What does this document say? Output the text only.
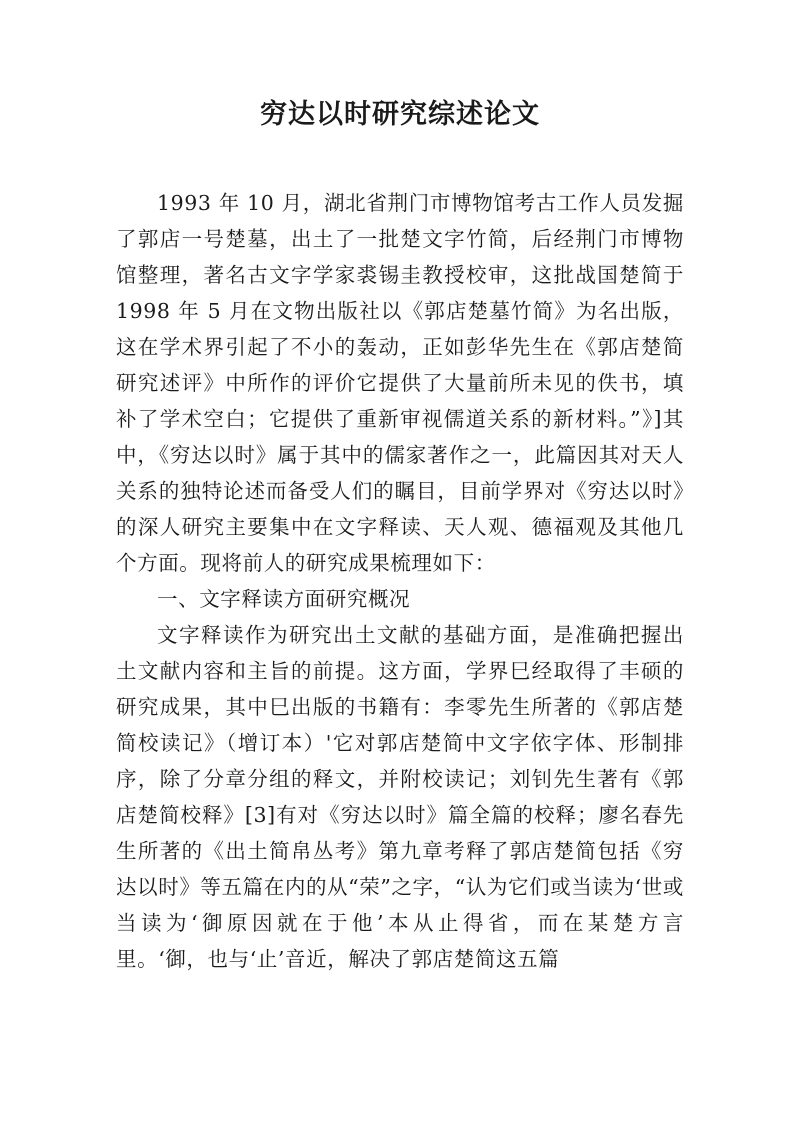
穷达以时研究综述论文

1993 年 10 月，湖北省荆门市博物馆考古工作人员发掘了郭店一号楚墓，出土了一批楚文字竹简，后经荆门市博物馆整理，著名古文字学家裘锡圭教授校审，这批战国楚简于 1998 年 5 月在文物出版社以《郭店楚墓竹简》为名出版，这在学术界引起了不小的轰动，正如彭华先生在《郭店楚简研究述评》中所作的评价它提供了大量前所未见的佚书，填补了学术空白；它提供了重新审视儒道关系的新材料。”》]其中，《穷达以时》属于其中的儒家著作之一，此篇因其对天人关系的独特论述而备受人们的瞩目，目前学界对《穷达以时》的深人研究主要集中在文字释读、天人观、德福观及其他几个方面。现将前人的研究成果梳理如下：

一、文字释读方面研究概况

文字释读作为研究出土文献的基础方面，是准确把握出土文献内容和主旨的前提。这方面，学界巳经取得了丰硕的研究成果，其中巳出版的书籍有：李零先生所著的《郭店楚简校读记》（增订本）'它对郭店楚简中文字依字体、形制排序，除了分章分组的释文，并附校读记；刘钊先生著有《郭店楚简校释》[3]有对《穷达以时》篇全篇的校释；廖名春先生所著的《出土简帛丛考》第九章考释了郭店楚简包括《穷达以时》等五篇在内的从“荣”之字，“认为它们或当读为‘世或当读为‘御原因就在于他’本从止得省，而在某楚方言里。‘御，也与‘止’音近，解决了郭店楚简这五篇
